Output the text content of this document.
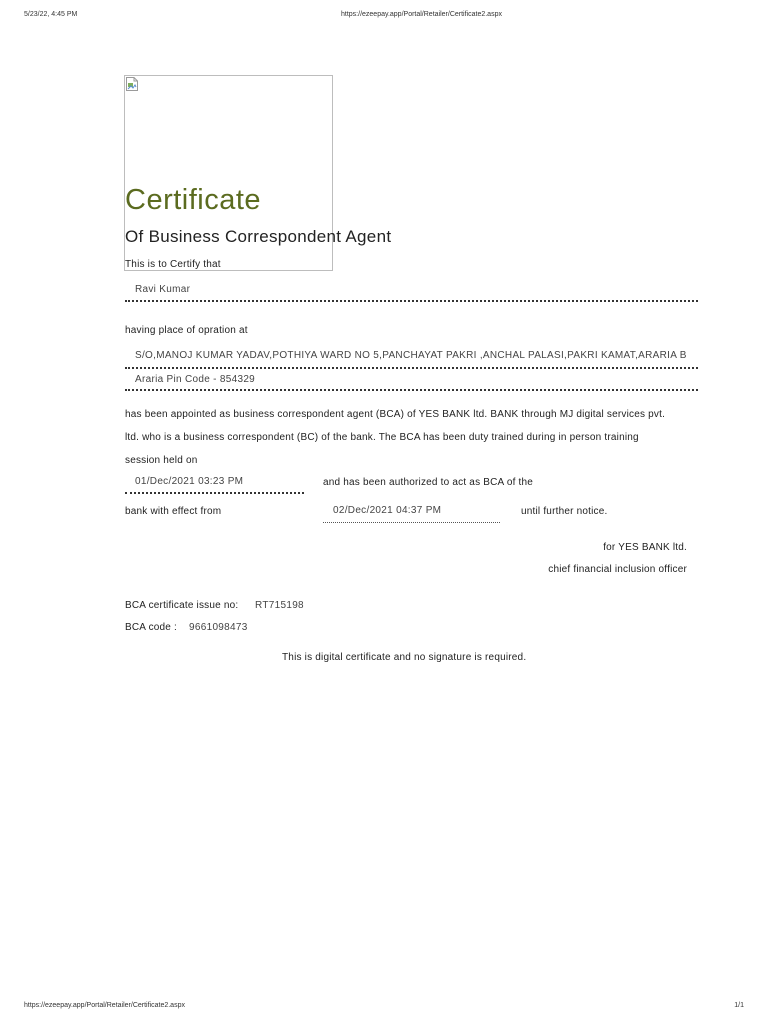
5/23/22, 4:45 PM	https://ezeepay.app/Portal/Retailer/Certificate2.aspx
Certificate
Of Business Correspondent Agent
This is to Certify that
Ravi Kumar
having place of opration at
S/O,MANOJ KUMAR YADAV,POTHIYA WARD NO 5,PANCHAYAT PAKRI ,ANCHAL PALASI,PAKRI KAMAT,ARARIA B
Araria Pin Code - 854329
has been appointed as business correspondent agent (BCA) of YES BANK ltd. BANK through MJ digital services pvt.
ltd. who is a business correspondent (BC) of the bank. The BCA has been duty trained during in person training
session held on
01/Dec/2021 03:23 PM	and has been authorized to act as BCA of the
bank with effect from	02/Dec/2021 04:37 PM	until further notice.
for YES BANK ltd.
chief financial inclusion officer
BCA certificate issue no: RT715198
BCA code : 9661098473
This is digital certificate and no signature is required.
https://ezeepay.app/Portal/Retailer/Certificate2.aspx	1/1
